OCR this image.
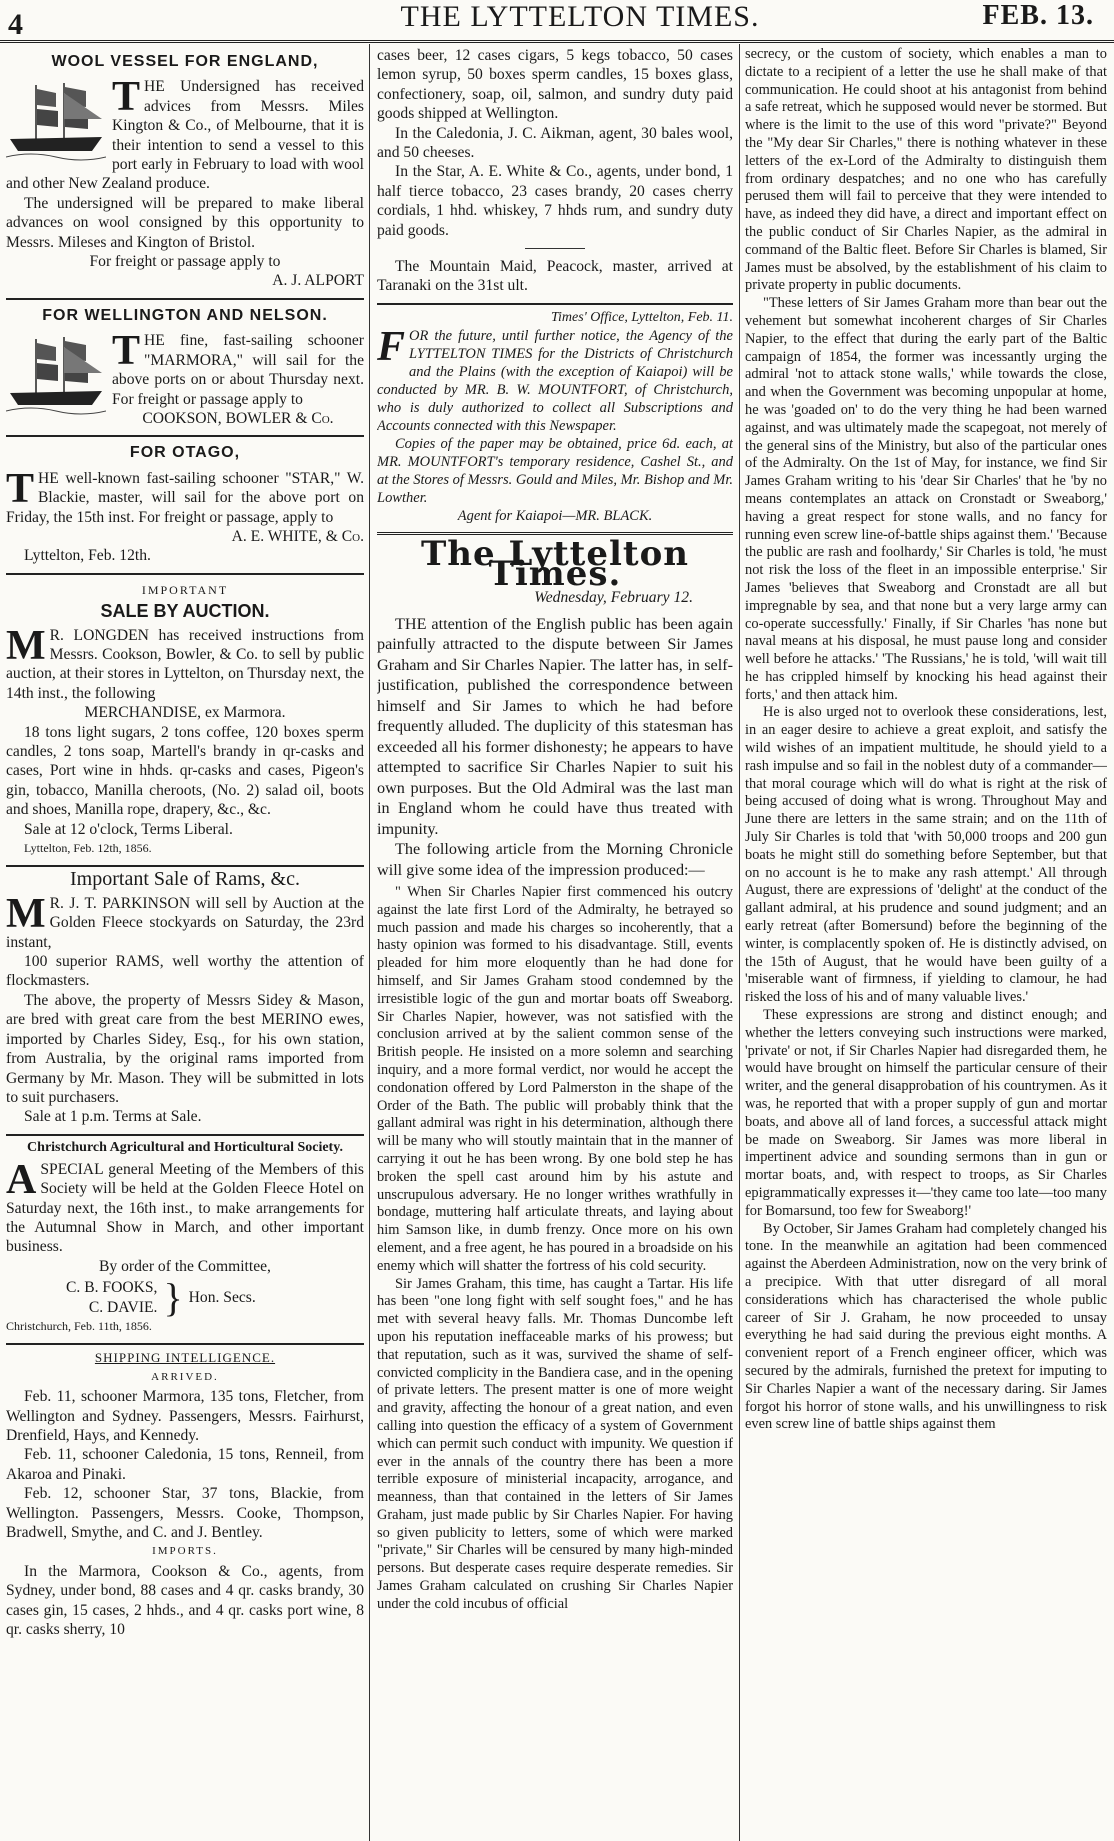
4	THE LYTTELTON TIMES.	FEB. 13.
WOOL VESSEL FOR ENGLAND,

THE Undersigned has received advices from Messrs. Miles Kington & Co., of Melbourne, that it is their intention to send a vessel to this port early in February to load with wool and other New Zealand produce.

The undersigned will be prepared to make liberal advances on wool consigned by this opportunity to Messrs. Mileses and Kington of Bristol.

For freight or passage apply to

A. J. ALPORT

FOR WELLINGTON AND NELSON.

THE fine, fast-sailing schooner "MARMORA," will sail for the above ports on or about Thursday next. For freight or passage apply to

COOKSON, BOWLER & Co.

FOR OTAGO,

THE well-known fast-sailing schooner "STAR," W. Blackie, master, will sail for the above port on Friday, the 15th inst. For freight or passage, apply to

A. E. WHITE, & Co.

Lyttelton, Feb. 12th.

IMPORTANT
SALE BY AUCTION.

M R. LONGDEN has received instructions from Messrs. Cookson, Bowler, & Co. to sell by public auction, at their stores in Lyttelton, on Thursday next, the 14th inst., the following

MERCHANDISE, ex Marmora.

18 tons light sugars, 2 tons coffee, 120 boxes sperm candles, 2 tons soap, Martell's brandy in qr-casks and cases, Port wine in hhds. qr-casks and cases, Pigeon's gin, tobacco, Manilla cheroots, (No. 2) salad oil, boots and shoes, Manilla rope, drapery, &c., &c.

Sale at 12 o'clock, Terms Liberal.

Lyttelton, Feb. 12th, 1856.

Important Sale of Rams, &c.

M R. J. T. PARKINSON will sell by Auction at the Golden Fleece stockyards on Saturday, the 23rd instant,

100 superior RAMS, well worthy the attention of flockmasters.

The above, the property of Messrs Sidey & Mason, are bred with great care from the best MERINO ewes, imported by Charles Sidey, Esq., for his own station, from Australia, by the original rams imported from Germany by Mr. Mason. They will be submitted in lots to suit purchasers.

Sale at 1 p.m. Terms at Sale.

Christchurch Agricultural and Horticultural Society.

ASPECIAL general Meeting of the Members of this Society will be held at the Golden Fleece Hotel on Saturday next, the 16th inst., to make arrangements for the Autumnal Show in March, and other important business.

By order of the Committee,

C. B. FOOKS,
C. DAVIE. } Hon. Secs.

Christchurch, Feb. 11th, 1856.

SHIPPING INTELLIGENCE.
ARRIVED.

Feb. 11, schooner Marmora, 135 tons, Fletcher, from Wellington and Sydney. Passengers, Messrs. Fairhurst, Drenfield, Hays, and Kennedy.

Feb. 11, schooner Caledonia, 15 tons, Renneil, from Akaroa and Pinaki.

Feb. 12, schooner Star, 37 tons, Blackie, from Wellington. Passengers, Messrs. Cooke, Thompson, Bradwell, Smythe, and C. and J. Bentley.

IMPORTS.

In the Marmora, Cookson & Co., agents, from Sydney, under bond, 88 cases and 4 qr. casks brandy, 30 cases gin, 15 cases, 2 hhds., and 4 qr. casks port wine, 8 qr. casks sherry, 10

cases beer, 12 cases cigars, 5 kegs tobacco, 50 cases lemon syrup, 50 boxes sperm candles, 15 boxes glass, confectionery, soap, oil, salmon, and sundry duty paid goods shipped at Wellington.

In the Caledonia, J. C. Aikman, agent, 30 bales wool, and 50 cheeses.

In the Star, A. E. White & Co., agents, under bond, 1 half tierce tobacco, 23 cases brandy, 20 cases cherry cordials, 1 hhd. whiskey, 7 hhds rum, and sundry duty paid goods.

The Mountain Maid, Peacock, master, arrived at Taranaki on the 31st ult.

Times' Office, Lyttelton, Feb. 11.

FOR the future, until further notice, the Agency of the LYTTELTON TIMES for the Districts of Christchurch and the Plains (with the exception of Kaiapoi) will be conducted by MR. B. W. MOUNTFORT, of Christchurch, who is duly authorized to collect all Subscriptions and Accounts connected with this Newspaper.

Copies of the paper may be obtained, price 6d. each, at MR. MOUNTFORT's temporary residence, Cashel St., and at the Stores of Messrs. Gould and Miles, Mr. Bishop and Mr. Lowther.

Agent for Kaiapoi—MR. BLACK.

The Lyttelton Times.

Wednesday, February 12.

THE attention of the English public has been again painfully attracted to the dispute between Sir James Graham and Sir Charles Napier. The latter has, in self-justification, published the correspondence between himself and Sir James to which he had before frequently alluded. The duplicity of this statesman has exceeded all his former dishonesty; he appears to have attempted to sacrifice Sir Charles Napier to suit his own purposes. But the Old Admiral was the last man in England whom he could have thus treated with impunity.

The following article from the Morning Chronicle will give some idea of the impression produced:—

" When Sir Charles Napier first commenced his outcry against the late first Lord of the Admiralty, he betrayed so much passion and made his charges so incoherently, that a hasty opinion was formed to his disadvantage. Still, events pleaded for him more eloquently than he had done for himself, and Sir James Graham stood condemned by the irresistible logic of the gun and mortar boats off Sweaborg. Sir Charles Napier, however, was not satisfied with the conclusion arrived at by the salient common sense of the British people. He insisted on a more solemn and searching inquiry, and a more formal verdict, nor would he accept the condonation offered by Lord Palmerston in the shape of the Order of the Bath. The public will probably think that the gallant admiral was right in his determination, although there will be many who will stoutly maintain that in the manner of carrying it out he has been wrong. By one bold step he has broken the spell cast around him by his astute and unscrupulous adversary. He no longer writhes wrathfully in bondage, muttering half articulate threats, and laying about him Samson like, in dumb frenzy. Once more on his own element, and a free agent, he has poured in a broadside on his enemy which will shatter the fortress of his cold security.

Sir James Graham, this time, has caught a Tartar. His life has been "one long fight with self sought foes," and he has met with several heavy falls. Mr. Thomas Duncombe left upon his reputation ineffaceable marks of his prowess; but that reputation, such as it was, survived the shame of self-convicted complicity in the Bandiera case, and in the opening of private letters. The present matter is one of more weight and gravity, affecting the honour of a great nation, and even calling into question the efficacy of a system of Government which can permit such conduct with impunity. We question if ever in the annals of the country there has been a more terrible exposure of ministerial incapacity, arrogance, and meanness, than that contained in the letters of Sir James Graham, just made public by Sir Charles Napier. For having so given publicity to letters, some of which were marked "private," Sir Charles will be censured by many high-minded persons. But desperate cases require desperate remedies. Sir James Graham calculated on crushing Sir Charles Napier under the cold incubus of official

secrecy, or the custom of society, which enables a man to dictate to a recipient of a letter the use he shall make of that communication. He could shoot at his antagonist from behind a safe retreat, which he supposed would never be stormed. But where is the limit to the use of this word "private?" Beyond the "My dear Sir Charles," there is nothing whatever in these letters of the ex-Lord of the Admiralty to distinguish them from ordinary despatches; and no one who has carefully perused them will fail to perceive that they were intended to have, as indeed they did have, a direct and important effect on the public conduct of Sir Charles Napier, as the admiral in command of the Baltic fleet. Before Sir Charles is blamed, Sir James must be absolved, by the establishment of his claim to private property in public documents.

"These letters of Sir James Graham more than bear out the vehement but somewhat incoherent charges of Sir Charles Napier, to the effect that during the early part of the Baltic campaign of 1854, the former was incessantly urging the admiral 'not to attack stone walls,' while towards the close, and when the Government was becoming unpopular at home, he was 'goaded on' to do the very thing he had been warned against, and was ultimately made the scapegoat, not merely of the general sins of the Ministry, but also of the particular ones of the Admiralty. On the 1st of May, for instance, we find Sir James Graham writing to his 'dear Sir Charles' that he 'by no means contemplates an attack on Cronstadt or Sweaborg,' having a great respect for stone walls, and no fancy for running even screw line-of-battle ships against them.' 'Because the public are rash and foolhardy,' Sir Charles is told, 'he must not risk the loss of the fleet in an impossible enterprise.' Sir James 'believes that Sweaborg and Cronstadt are all but impregnable by sea, and that none but a very large army can co-operate successfully.' Finally, if Sir Charles 'has none but naval means at his disposal, he must pause long and consider well before he attacks.' 'The Russians,' he is told, 'will wait till he has crippled himself by knocking his head against their forts,' and then attack him.

He is also urged not to overlook these considerations, lest, in an eager desire to achieve a great exploit, and satisfy the wild wishes of an impatient multitude, he should yield to a rash impulse and so fail in the noblest duty of a commander—that moral courage which will do what is right at the risk of being accused of doing what is wrong. Throughout May and June there are letters in the same strain; and on the 11th of July Sir Charles is told that 'with 50,000 troops and 200 gun boats he might still do something before September, but that on no account is he to make any rash attempt.' All through August, there are expressions of 'delight' at the conduct of the gallant admiral, at his prudence and sound judgment; and an early retreat (after Bomersund) before the beginning of the winter, is complacently spoken of. He is distinctly advised, on the 15th of August, that he would have been guilty of a 'miserable want of firmness, if yielding to clamour, he had risked the loss of his and of many valuable lives.'

These expressions are strong and distinct enough; and whether the letters conveying such instructions were marked, 'private' or not, if Sir Charles Napier had disregarded them, he would have brought on himself the particular censure of their writer, and the general disapprobation of his countrymen. As it was, he reported that with a proper supply of gun and mortar boats, and above all of land forces, a successful attack might be made on Sweaborg. Sir James was more liberal in impertinent advice and sounding sermons than in gun or mortar boats, and, with respect to troops, as Sir Charles epigrammatically expresses it—'they came too late—too many for Bomarsund, too few for Sweaborg!'

By October, Sir James Graham had completely changed his tone. In the meanwhile an agitation had been commenced against the Aberdeen Administration, now on the very brink of a precipice. With that utter disregard of all moral considerations which has characterised the whole public career of Sir J. Graham, he now proceeded to unsay everything he had said during the previous eight months. A convenient report of a French engineer officer, which was secured by the admirals, furnished the pretext for imputing to Sir Charles Napier a want of the necessary daring. Sir James forgot his horror of stone walls, and his unwillingness to risk even screw line of battle ships against them
